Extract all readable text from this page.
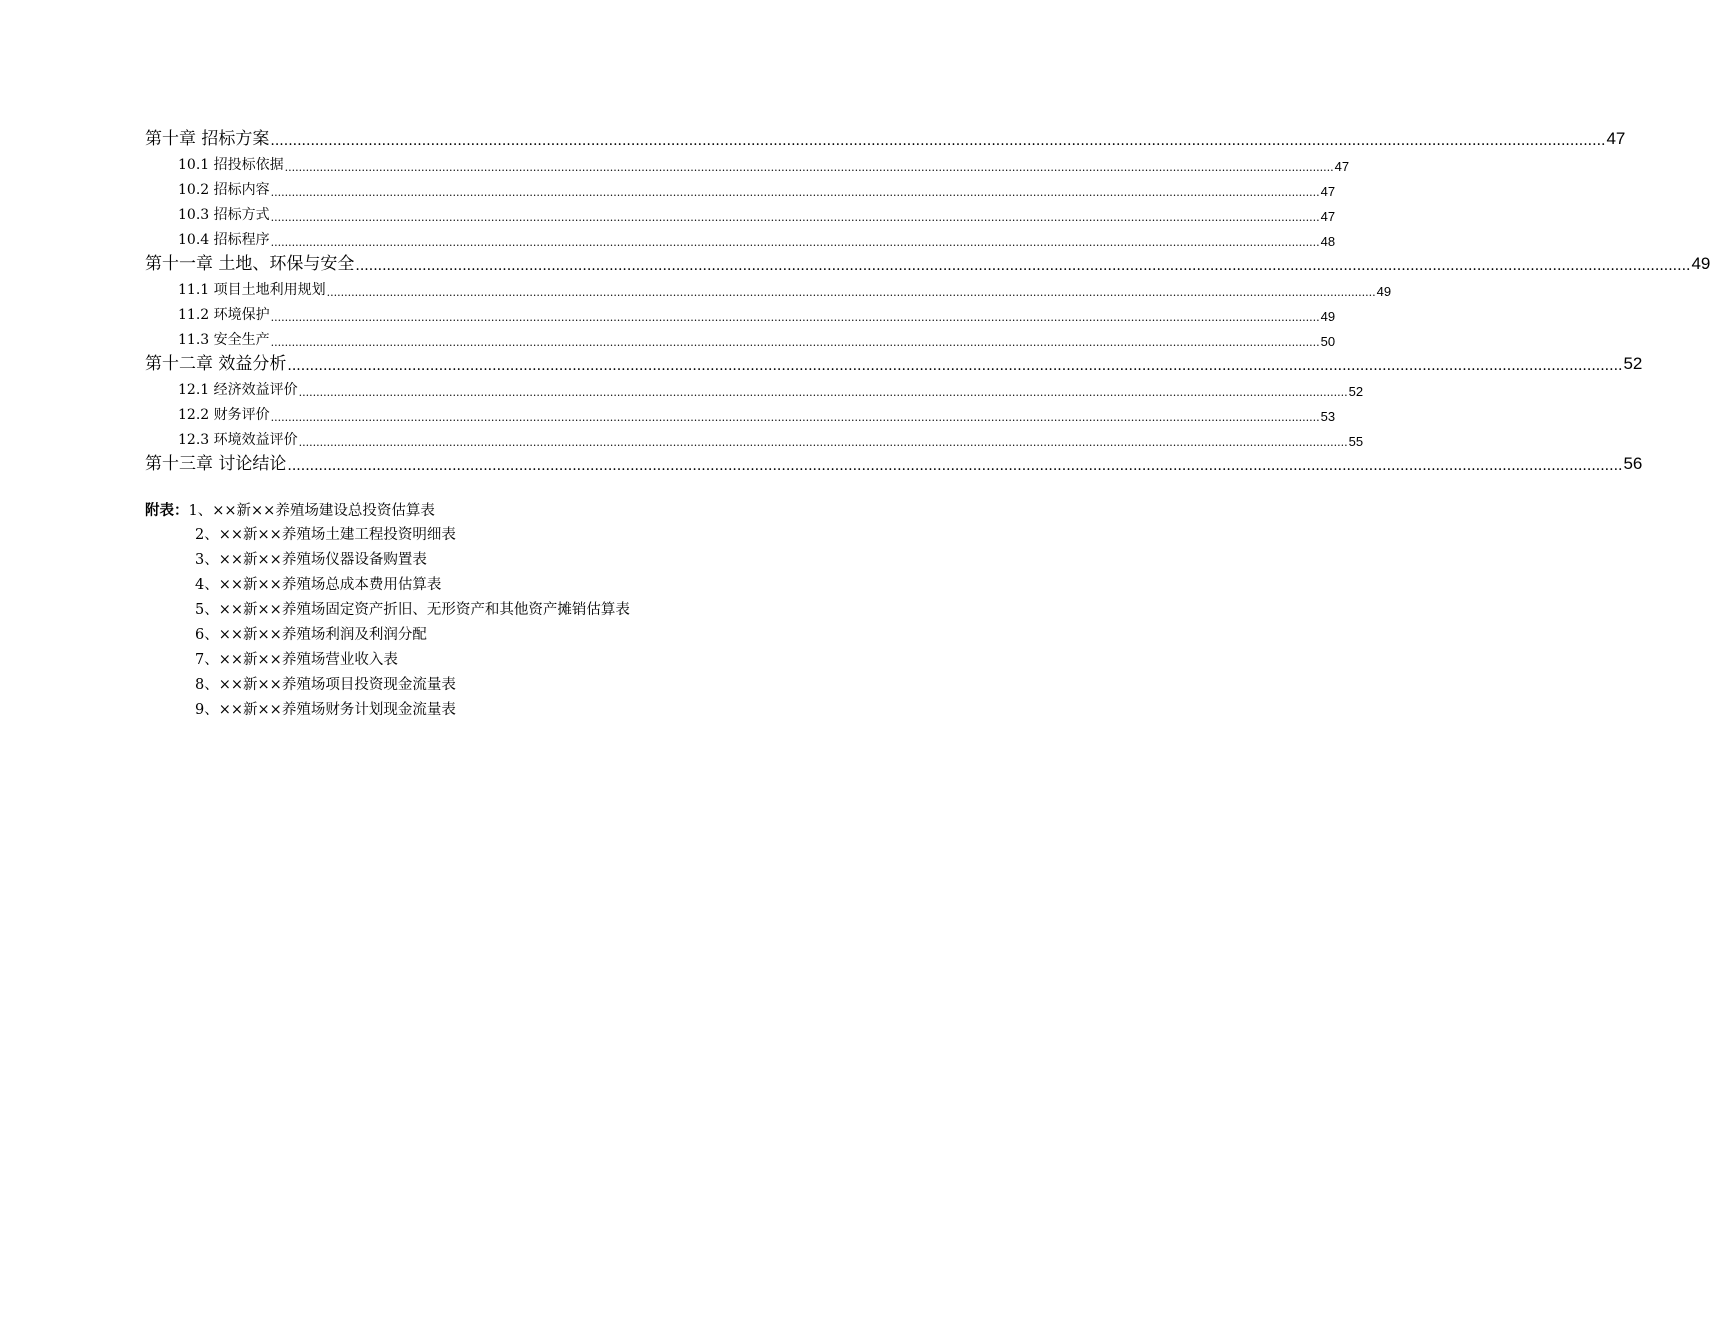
第十章 招标方案 ............................................................................................................................................................................................................................................................................................................ 47
10.1 招投标依据 ............................................................................................................................................................................................................................................................................................................ 47
10.2 招标内容 ............................................................................................................................................................................................................................................................................................................ 47
10.3 招标方式 ............................................................................................................................................................................................................................................................................................................ 47
10.4 招标程序 ............................................................................................................................................................................................................................................................................................................ 48
第十一章 土地、环保与安全 ............................................................................................................................................................................................................................................................................................................ 49
11.1 项目土地利用规划 ............................................................................................................................................................................................................................................................................................................ 49
11.2 环境保护 ............................................................................................................................................................................................................................................................................................................ 49
11.3 安全生产 ............................................................................................................................................................................................................................................................................................................ 50
第十二章 效益分析 ............................................................................................................................................................................................................................................................................................................ 52
12.1 经济效益评价 ............................................................................................................................................................................................................................................................................................................ 52
12.2 财务评价 ............................................................................................................................................................................................................................................................................................................ 53
12.3 环境效益评价 ............................................................................................................................................................................................................................................................................................................ 55
第十三章 讨论结论 ............................................................................................................................................................................................................................................................................................................ 56
附表：1、××新××养殖场建设总投资估算表
2、××新××养殖场土建工程投资明细表
3、××新××养殖场仪器设备购置表
4、××新××养殖场总成本费用估算表
5、××新××养殖场固定资产折旧、无形资产和其他资产摊销估算表
6、××新××养殖场利润及利润分配
7、××新××养殖场营业收入表
8、××新××养殖场项目投资现金流量表
9、××新××养殖场财务计划现金流量表
